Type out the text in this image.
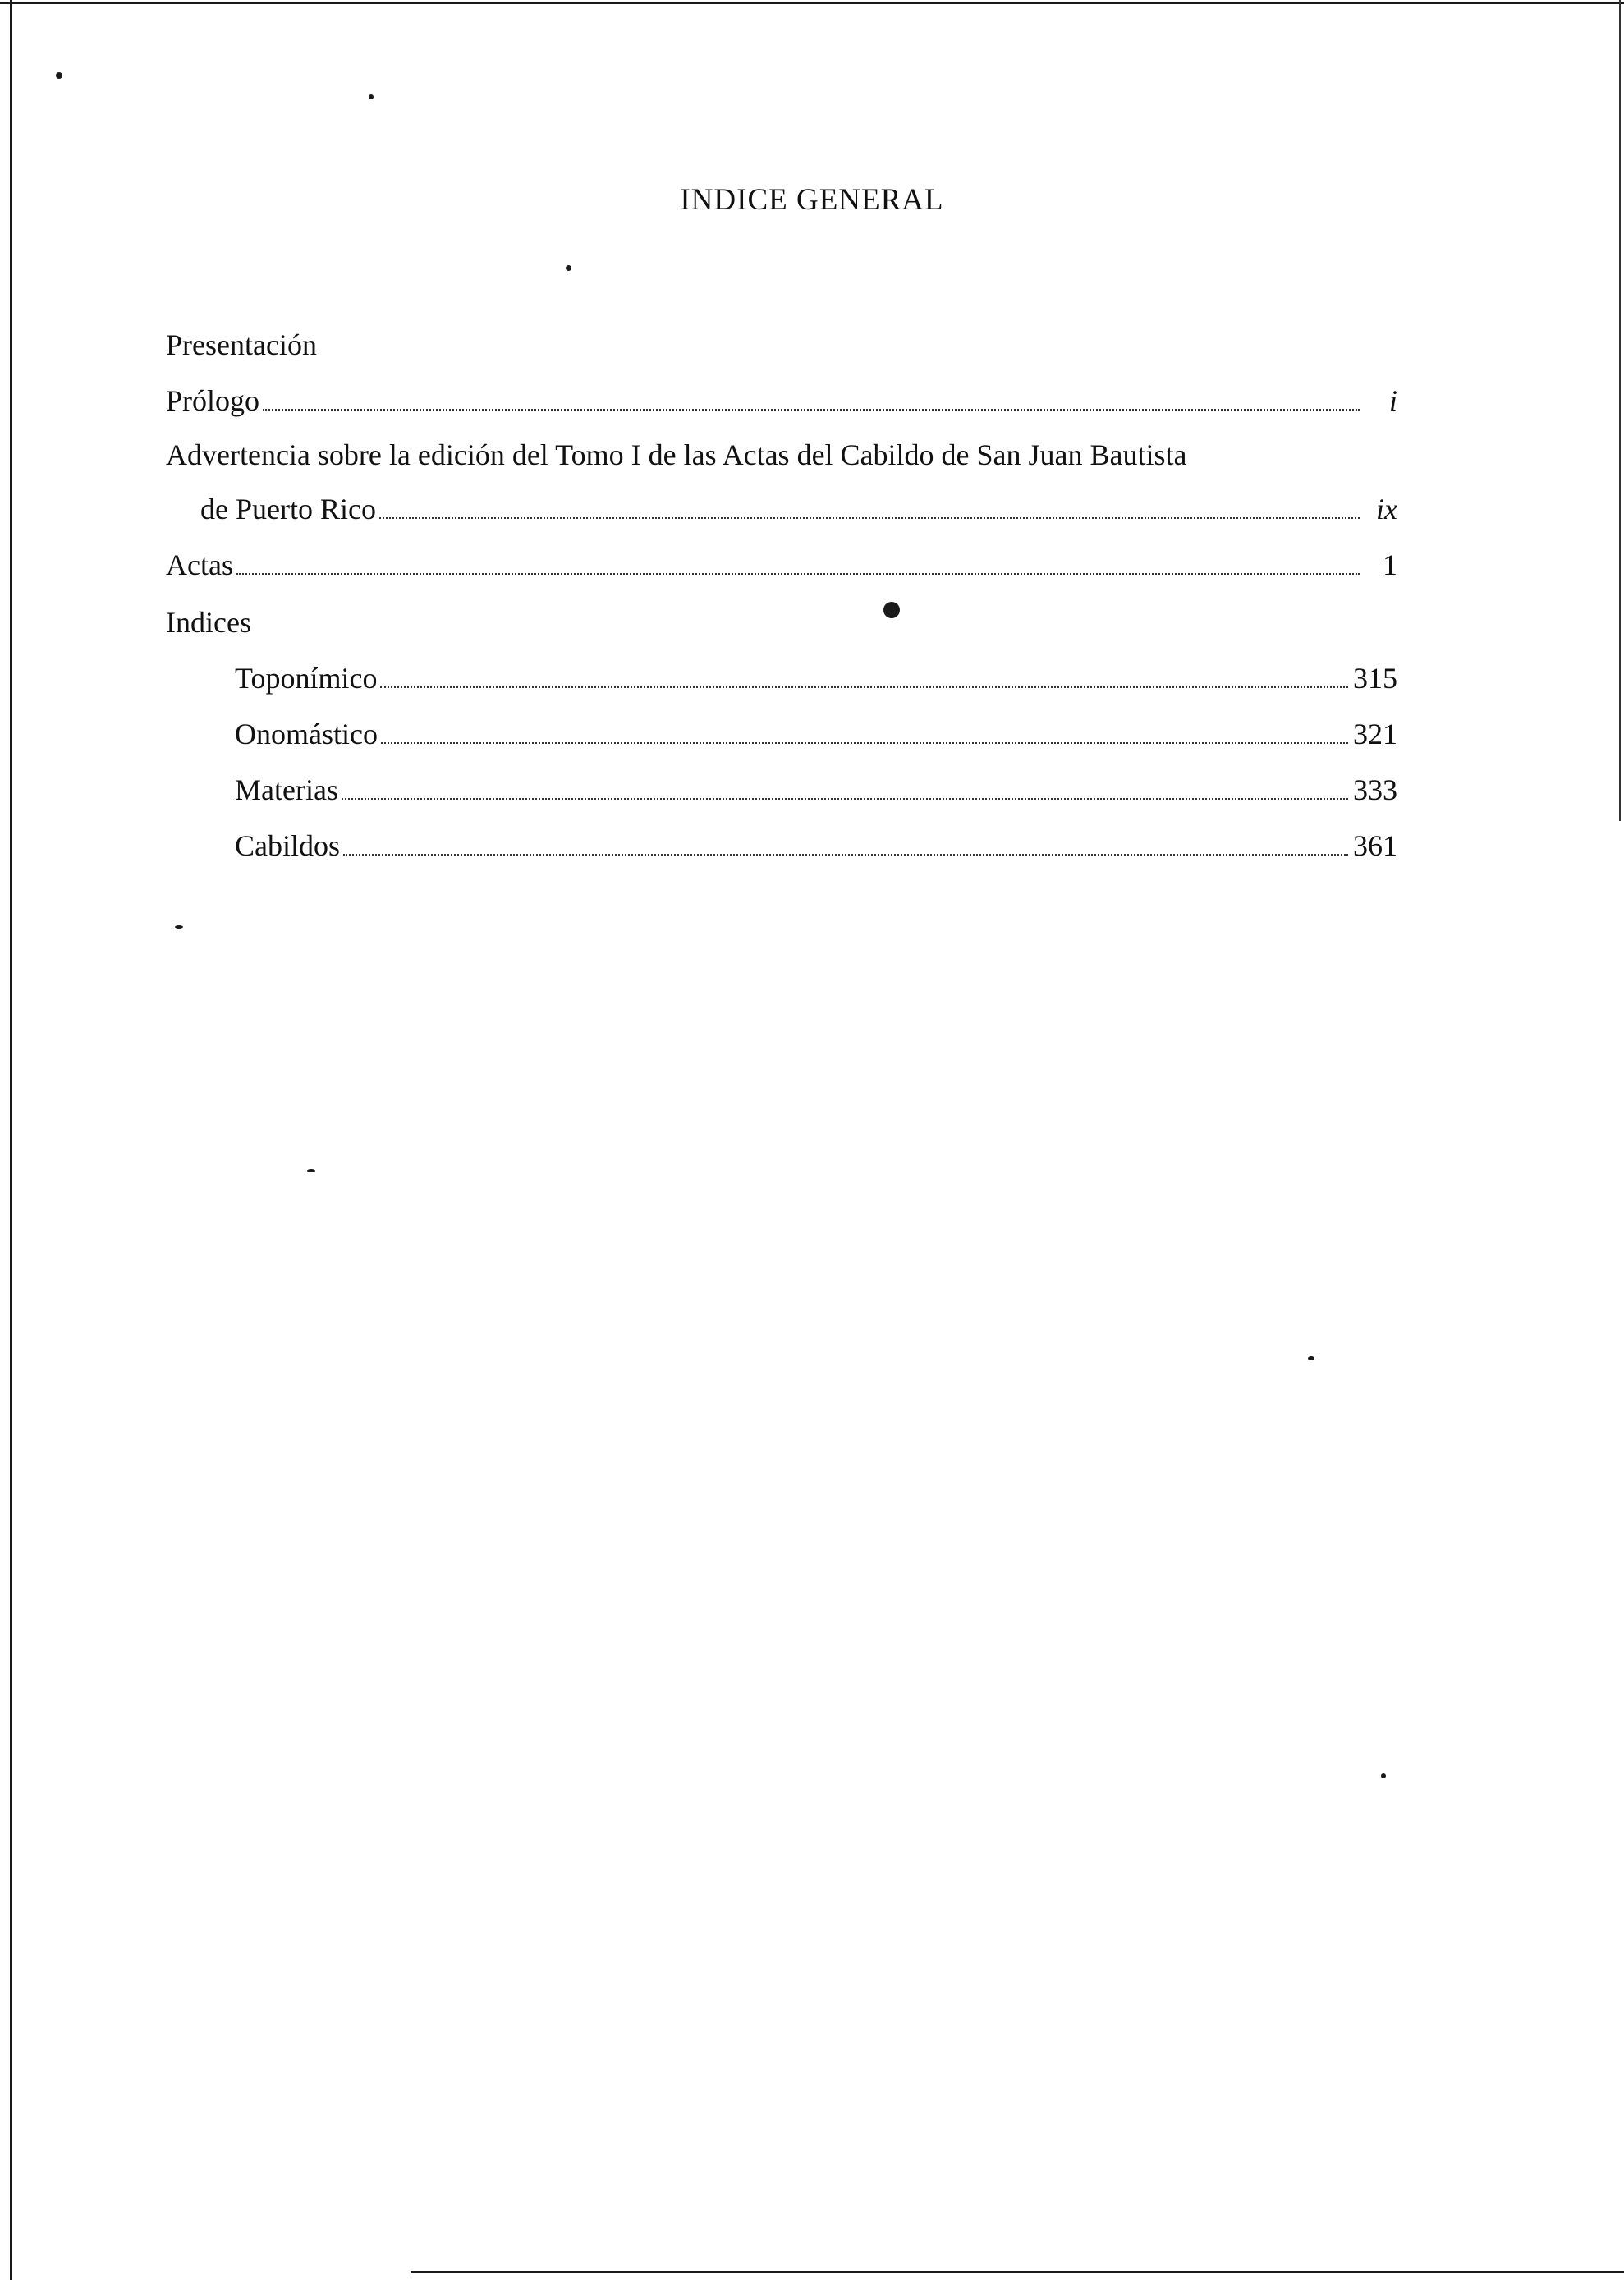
INDICE GENERAL
Presentación
Prólogo	i
Advertencia sobre la edición del Tomo I de las Actas del Cabildo de San Juan Bautista
de Puerto Rico	ix
Actas	1
Indices
Toponímico	315
Onomástico	321
Materias	333
Cabildos	361
